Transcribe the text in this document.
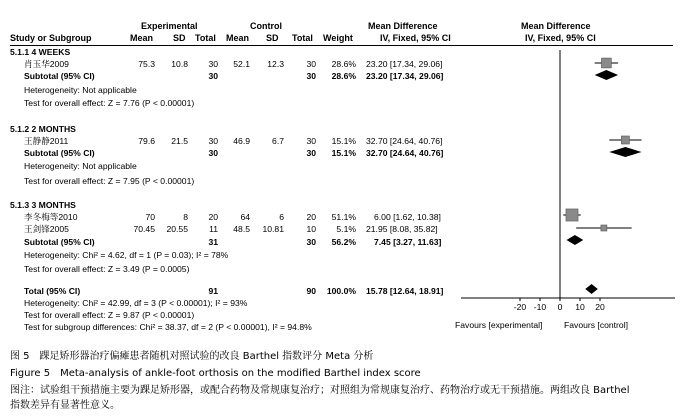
Experimental	Control	Mean Difference	Mean Difference
Study or Subgroup	Mean SD Total Mean SD Total Weight	IV, Fixed, 95% CI	IV, Fixed, 95% CI
5.1.1 4 WEEKS
肖玉华2009	75.3	10.8	30	52.1	12.3	30	28.6% 23.20 [17.34, 29.06]
Subtotal (95% CI)	30	30	28.6% 23.20 [17.34, 29.06]
Heterogeneity: Not applicable
Test for overall effect: Z = 7.76 (P < 0.00001)
5.1.2 2 MONTHS
王静静2011	79.6	21.5	30	46.9	6.7	30	15.1% 32.70 [24.64, 40.76]
Subtotal (95% CI)	30	30	15.1% 32.70 [24.64, 40.76]
Heterogeneity: Not applicable
Test for overall effect: Z = 7.95 (P < 0.00001)
5.1.3 3 MONTHS
李冬梅等2010	70	8	20	64	6	20	51.1% 6.00 [1.62, 10.38]
王剑锋2005	70.45	20.55	11	48.5	10.81	10	5.1% 21.95 [8.08, 35.82]
Subtotal (95% CI)	31	30	56.2% 7.45 [3.27, 11.63]
Heterogeneity: Chi² = 4.62, df = 1 (P = 0.03); I² = 78%
Test for overall effect: Z = 3.49 (P = 0.0005)
Total (95% CI)	91	90	100.0% 15.78 [12.64, 18.91]
Heterogeneity: Chi² = 42.99, df = 3 (P < 0.00001); I² = 93%
Test for overall effect: Z = 9.87 (P < 0.00001)
Test for subgroup differences: Chi² = 38.37, df = 2 (P < 0.00001), I² = 94.8%
-20 -10 0 10 20
Favours [experimental]	Favours [control]
图 5　踝足矫形器治疗偏瘫患者随机对照试验的改良 Barthel 指数评分 Meta 分析
Figure 5　Meta-analysis of ankle-foot orthosis on the modified Barthel index score
图注：试验组干预措施主要为踝足矫形器，或配合药物及常规康复治疗；对照组为常规康复治疗、药物治疗或无干预措施。两组改良 Barthel
指数差异有显著性意义。
